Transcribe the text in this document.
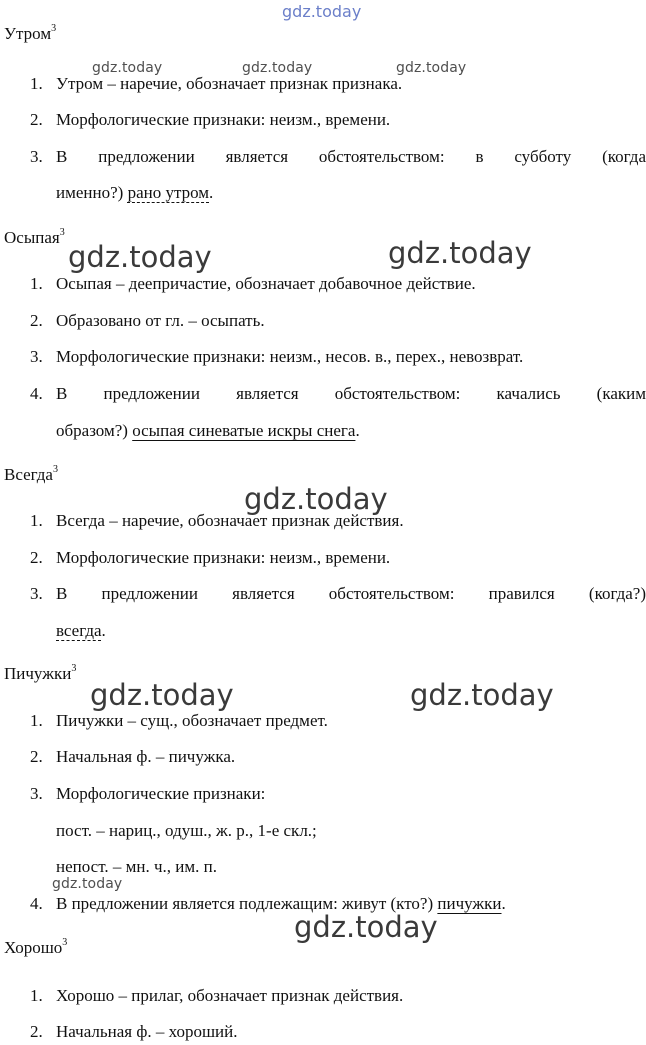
gdz.today
gdz.today	gdz.today	gdz.today
gdz.today	gdz.today
gdz.today
gdz.today	gdz.today
gdz.today
gdz.today
Утром$^3$
1. Утром – наречие, обозначает признак признака.
2. Морфологические признаки: неизм., времени.
3. В предложении является обстоятельством: в субботу (когда
именно?) рано утром.
Осыпая$^3$
1. Осыпая – деепричастие, обозначает добавочное действие.
2. Образовано от гл. – осыпать.
3. Морфологические признаки: неизм., несов. в., перех., невозврат.
4. В предложении является обстоятельством: качались (каким
образом?) осыпая синеватые искры снега.
Всегда$^3$
1. Всегда – наречие, обозначает признак действия.
2. Морфологические признаки: неизм., времени.
3. В предложении является обстоятельством: правился (когда?)
всегда.
Пичужки$^3$
1. Пичужки – сущ., обозначает предмет.
2. Начальная ф. – пичужка.
3. Морфологические признаки:
пост. – нариц., одуш., ж. р., 1-е скл.;
непост. – мн. ч., им. п.
4. В предложении является подлежащим: живут (кто?) пичужки.
Хорошо$^3$
1. Хорошо – прилаг, обозначает признак действия.
2. Начальная ф. – хороший.
